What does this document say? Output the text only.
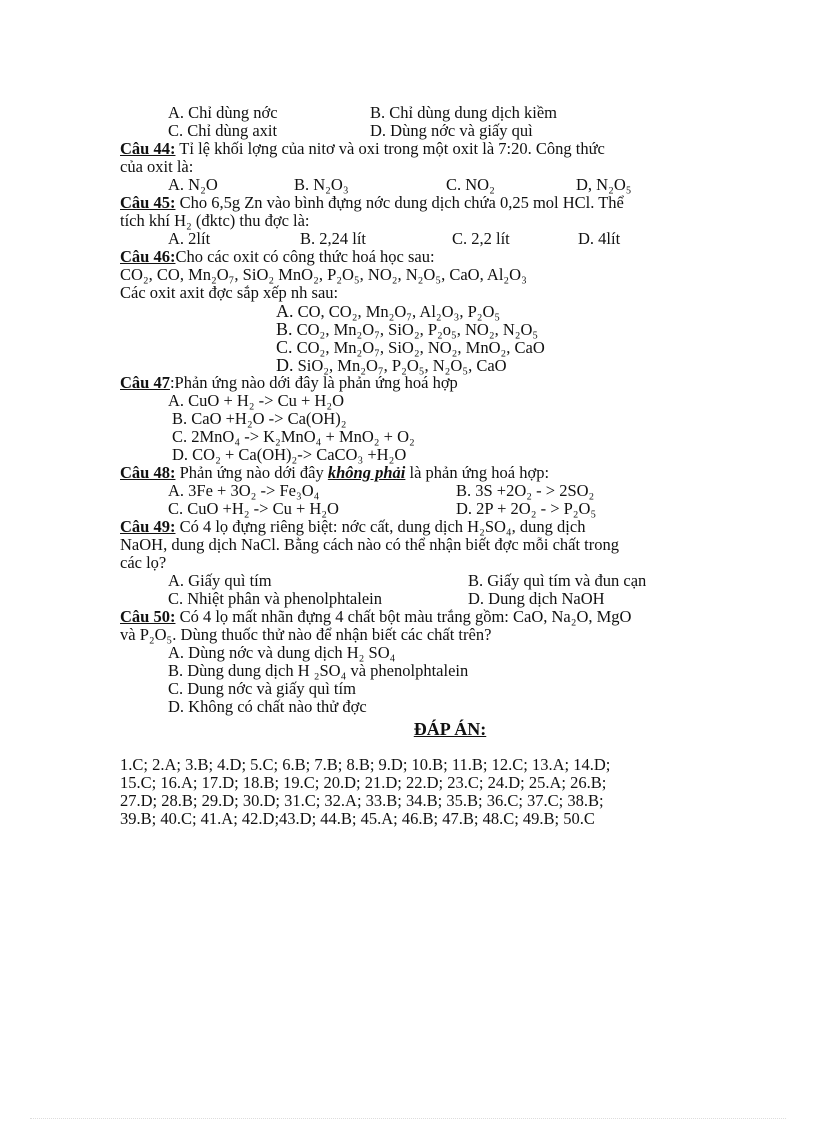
A. Chỉ dùng nớc	B. Chỉ dùng dung dịch kiềm
C. Chỉ dùng axit	D. Dùng nớc và giấy quì
Câu 44: Tỉ lệ khối lợng của nitơ và oxi trong một oxit là 7:20. Công thức
của oxit là:
A. N₂O	B. N₂O₃	C. NO₂	D, N₂O₅
Câu 45: Cho 6,5g Zn vào bình đựng nớc dung dịch chứa 0,25 mol HCl. Thể
tích khí H₂ (đktc) thu đợc là:
A. 2lít	B. 2,24 lít	C. 2,2 lít	D. 4lít
Câu 46:Cho các oxit có công thức hoá học sau:
CO₂, CO, Mn₂O₇, SiO₂ MnO₂, P₂O₅, NO₂, N₂O₅, CaO, Al₂O₃
Các oxit axit đợc sắp xếp nh sau:
A. CO, CO₂, Mn₂O₇, Al₂O₃, P₂O₅
B. CO₂, Mn₂O₇, SiO₂, P₂o₅, NO₂, N₂O₅
C. CO₂, Mn₂O₇, SiO₂, NO₂, MnO₂, CaO
D. SiO₂, Mn₂O₇, P₂O₅, N₂O₅, CaO
Câu 47:Phản ứng nào dới đây là phản ứng hoá hợp
A. CuO + H₂ -> Cu + H₂O
B. CaO +H₂O -> Ca(OH)₂
C. 2MnO₄ -> K₂MnO₄ + MnO₂ + O₂
D. CO₂ + Ca(OH)₂-> CaCO₃ +H₂O
Câu 48: Phản ứng nào dới đây không phải là phản ứng hoá hợp:
A. 3Fe + 3O₂ -> Fe₃O₄	B. 3S +2O₂ - > 2SO₂
C. CuO +H₂ -> Cu + H₂O	D. 2P + 2O₂ - > P₂O₅
Câu 49: Có 4 lọ đựng riêng biệt: nớc cất, dung dịch H₂SO₄, dung dịch
NaOH, dung dịch NaCl. Bằng cách nào có thể nhận biết đợc mỗi chất trong
các lọ?
A. Giấy quì tím	B. Giấy quì tím và đun cạn
C. Nhiệt phân và phenolphtalein	D. Dung dịch NaOH
Câu 50: Có 4 lọ mất nhãn đựng 4 chất bột màu trắng gồm: CaO, Na₂O, MgO
và P₂O₅. Dùng thuốc thử nào để nhận biết các chất trên?
A. Dùng nớc và dung dịch H₂ SO₄
B. Dùng dung dịch H ₂SO₄ và phenolphtalein
C. Dung nớc và giấy quì tím
D. Không có chất nào thử đợc
ĐÁP ÁN:
1.C; 2.A; 3.B; 4.D; 5.C; 6.B; 7.B; 8.B; 9.D; 10.B; 11.B; 12.C; 13.A; 14.D;
15.C; 16.A; 17.D; 18.B; 19.C; 20.D; 21.D; 22.D; 23.C; 24.D; 25.A; 26.B;
27.D; 28.B; 29.D; 30.D; 31.C; 32.A; 33.B; 34.B; 35.B; 36.C; 37.C; 38.B;
39.B; 40.C; 41.A; 42.D;43.D; 44.B; 45.A; 46.B; 47.B; 48.C; 49.B; 50.C
